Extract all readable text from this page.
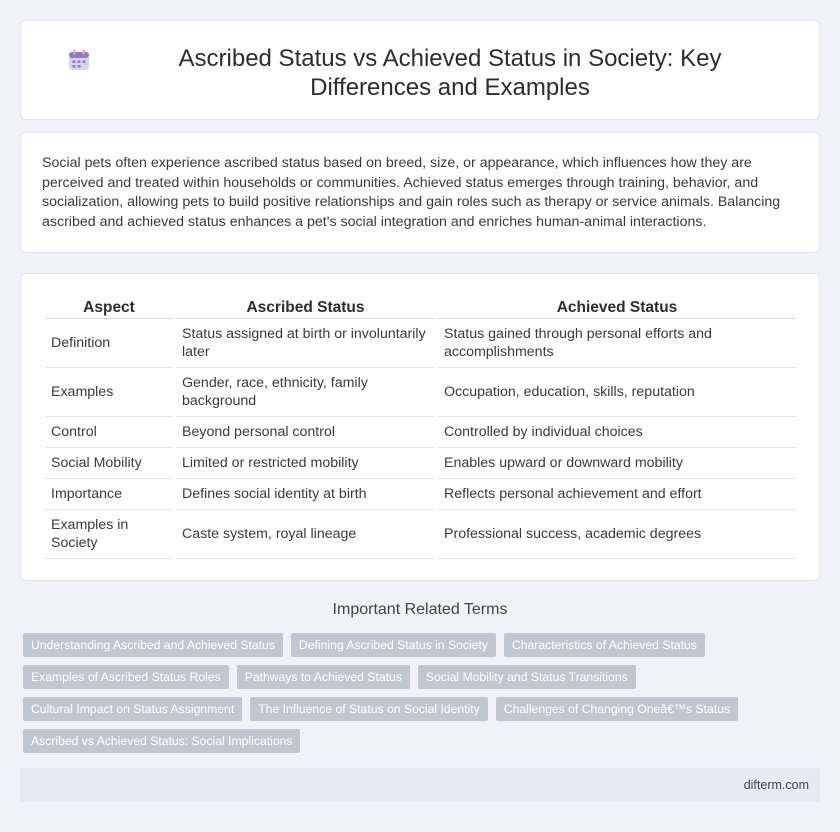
Ascribed Status vs Achieved Status in Society: Key Differences and Examples

Social pets often experience ascribed status based on breed, size, or appearance, which influences how they are perceived and treated within households or communities. Achieved status emerges through training, behavior, and socialization, allowing pets to build positive relationships and gain roles such as therapy or service animals. Balancing ascribed and achieved status enhances a pet's social integration and enriches human-animal interactions.

Aspect	Ascribed Status	Achieved Status
Definition	Status assigned at birth or involuntarily later	Status gained through personal efforts and accomplishments
Examples	Gender, race, ethnicity, family background	Occupation, education, skills, reputation
Control	Beyond personal control	Controlled by individual choices
Social Mobility	Limited or restricted mobility	Enables upward or downward mobility
Importance	Defines social identity at birth	Reflects personal achievement and effort
Examples in Society	Caste system, royal lineage	Professional success, academic degrees
Important Related Terms
Understanding Ascribed and Achieved Status	Defining Ascribed Status in Society	Characteristics of Achieved Status
Examples of Ascribed Status Roles	Pathways to Achieved Status	Social Mobility and Status Transitions
Cultural Impact on Status Assignment	The Influence of Status on Social Identity	Challenges of Changing Oneâ€™s Status
Ascribed vs Achieved Status: Social Implications
difterm.com
